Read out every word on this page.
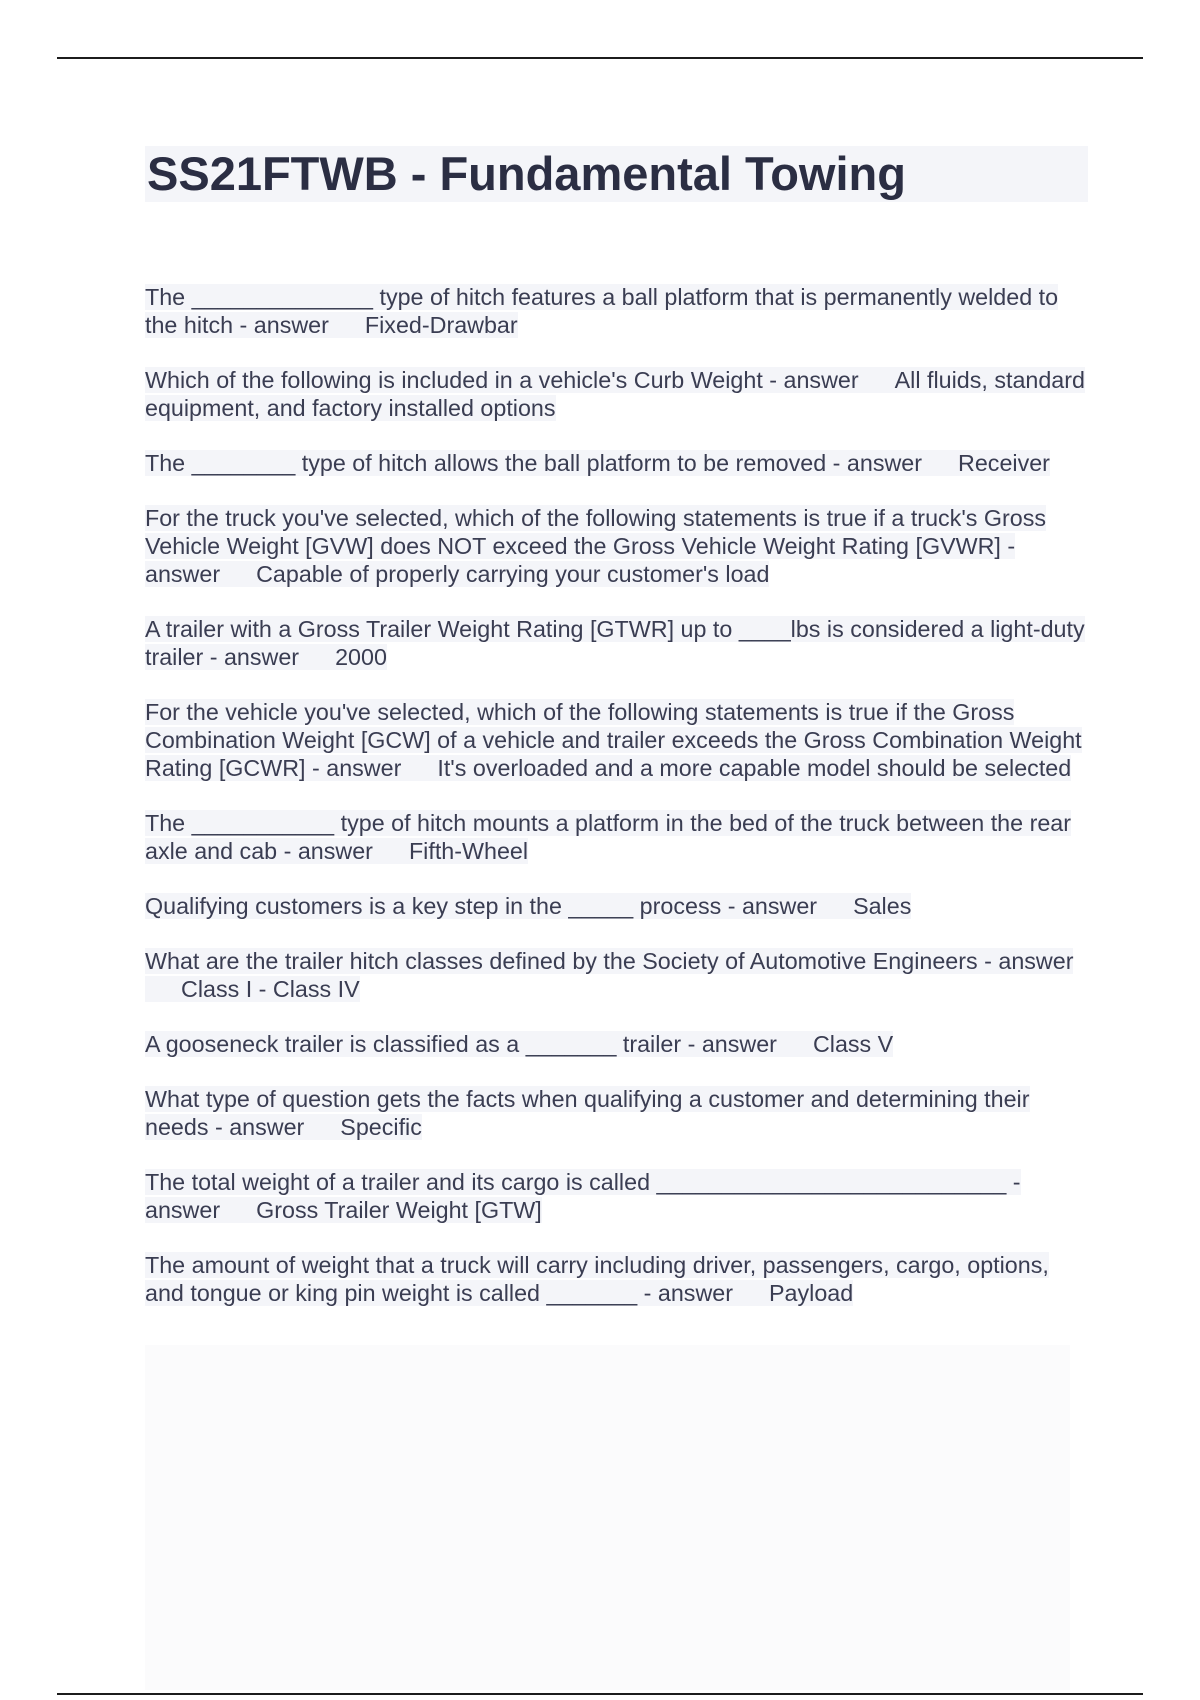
SS21FTWB - Fundamental Towing
The ______________ type of hitch features a ball platform that is permanently welded to the hitch - answer Fixed-Drawbar
Which of the following is included in a vehicle's Curb Weight - answer All fluids, standard equipment, and factory installed options
The ________ type of hitch allows the ball platform to be removed - answer Receiver
For the truck you've selected, which of the following statements is true if a truck's Gross Vehicle Weight [GVW] does NOT exceed the Gross Vehicle Weight Rating [GVWR] - answer Capable of properly carrying your customer's load
A trailer with a Gross Trailer Weight Rating [GTWR] up to ____lbs is considered a light-duty trailer - answer 2000
For the vehicle you've selected, which of the following statements is true if the Gross Combination Weight [GCW] of a vehicle and trailer exceeds the Gross Combination Weight Rating [GCWR] - answer It's overloaded and a more capable model should be selected
The ___________ type of hitch mounts a platform in the bed of the truck between the rear axle and cab - answer Fifth-Wheel
Qualifying customers is a key step in the _____ process - answer Sales
What are the trailer hitch classes defined by the Society of Automotive Engineers - answerClass I - Class IV
A gooseneck trailer is classified as a _______ trailer - answer Class V
What type of question gets the facts when qualifying a customer and determining their needs - answer Specific
The total weight of a trailer and its cargo is called ___________________________ - answer Gross Trailer Weight [GTW]
The amount of weight that a truck will carry including driver, passengers, cargo, options, and tongue or king pin weight is called _______ - answer Payload
